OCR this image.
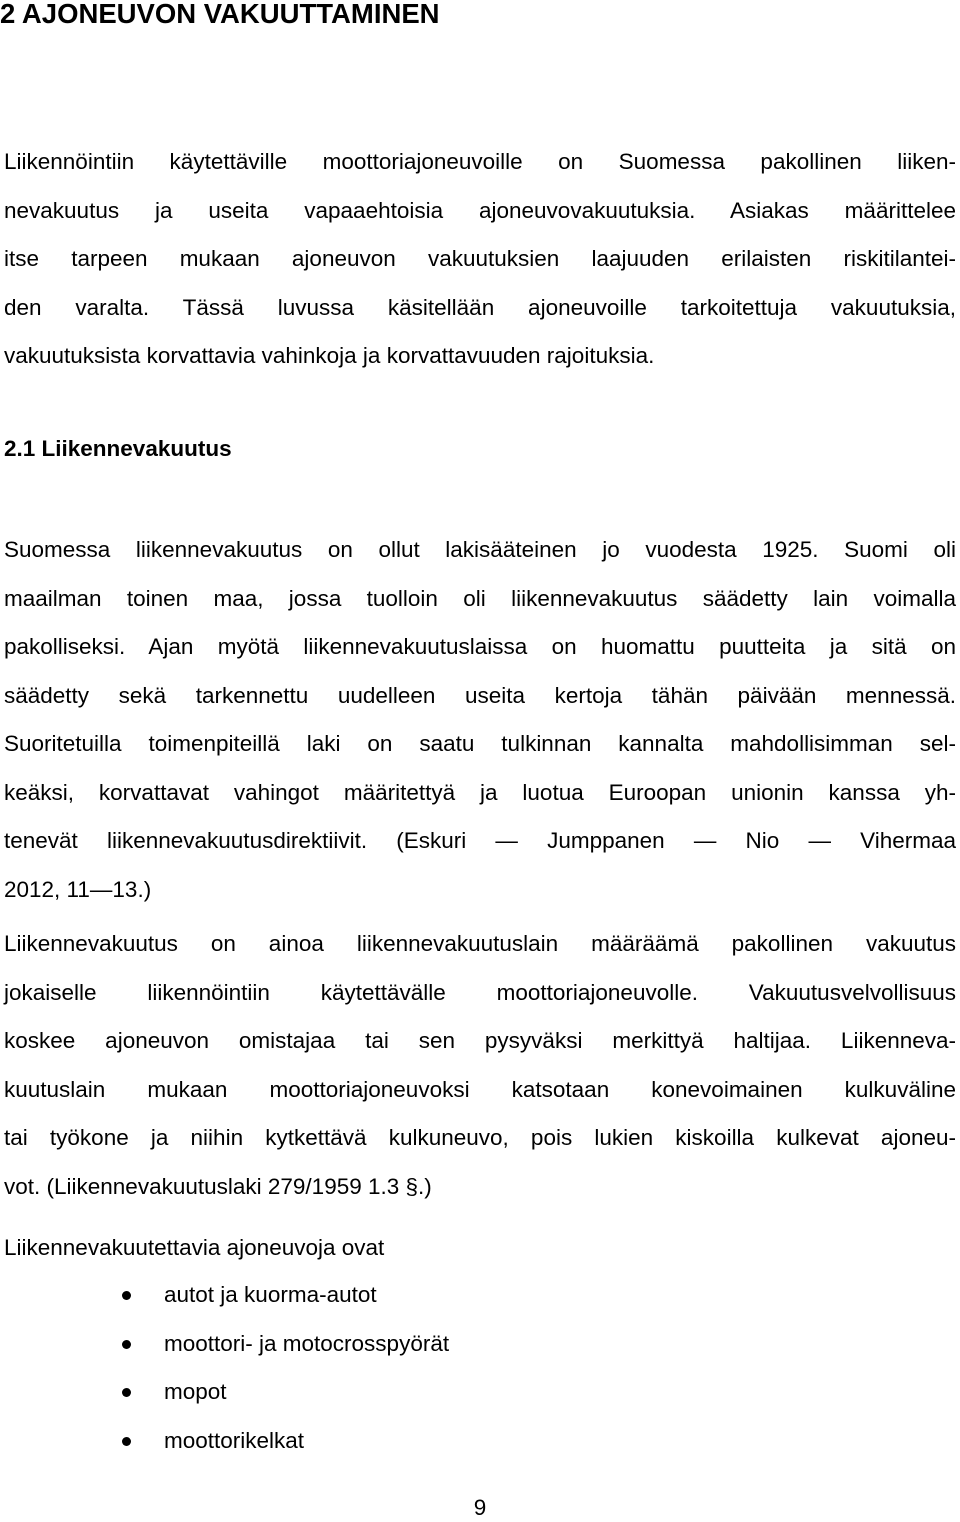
2 AJONEUVON VAKUUTTAMINEN
Liikennöintiin käytettäville moottoriajoneuvoille on Suomessa pakollinen liiken-
nevakuutus ja useita vapaaehtoisia ajoneuvovakuutuksia. Asiakas määrittelee
itse tarpeen mukaan ajoneuvon vakuutuksien laajuuden erilaisten riskitilantei-
den varalta. Tässä luvussa käsitellään ajoneuvoille tarkoitettuja vakuutuksia,
vakuutuksista korvattavia vahinkoja ja korvattavuuden rajoituksia.
2.1 Liikennevakuutus
Suomessa liikennevakuutus on ollut lakisääteinen jo vuodesta 1925. Suomi oli
maailman toinen maa, jossa tuolloin oli liikennevakuutus säädetty lain voimalla
pakolliseksi. Ajan myötä liikennevakuutuslaissa on huomattu puutteita ja sitä on
säädetty sekä tarkennettu uudelleen useita kertoja tähän päivään mennessä.
Suoritetuilla toimenpiteillä laki on saatu tulkinnan kannalta mahdollisimman sel-
keäksi, korvattavat vahingot määritettyä ja luotua Euroopan unionin kanssa yh-
tenevät liikennevakuutusdirektiivit. (Eskuri — Jumppanen — Nio — Vihermaa
2012, 11—13.)
Liikennevakuutus on ainoa liikennevakuutuslain määräämä pakollinen vakuutus
jokaiselle liikennöintiin käytettävälle moottoriajoneuvolle. Vakuutusvelvollisuus
koskee ajoneuvon omistajaa tai sen pysyväksi merkittyä haltijaa. Liikenneva-
kuutuslain mukaan moottoriajoneuvoksi katsotaan konevoimainen kulkuväline
tai työkone ja niihin kytkettävä kulkuneuvo, pois lukien kiskoilla kulkevat ajoneu-
vot. (Liikennevakuutuslaki 279/1959 1.3 §.)
Liikennevakuutettavia ajoneuvoja ovat
autot ja kuorma-autot
moottori- ja motocrosspyörät
mopot
moottorikelkat

9
